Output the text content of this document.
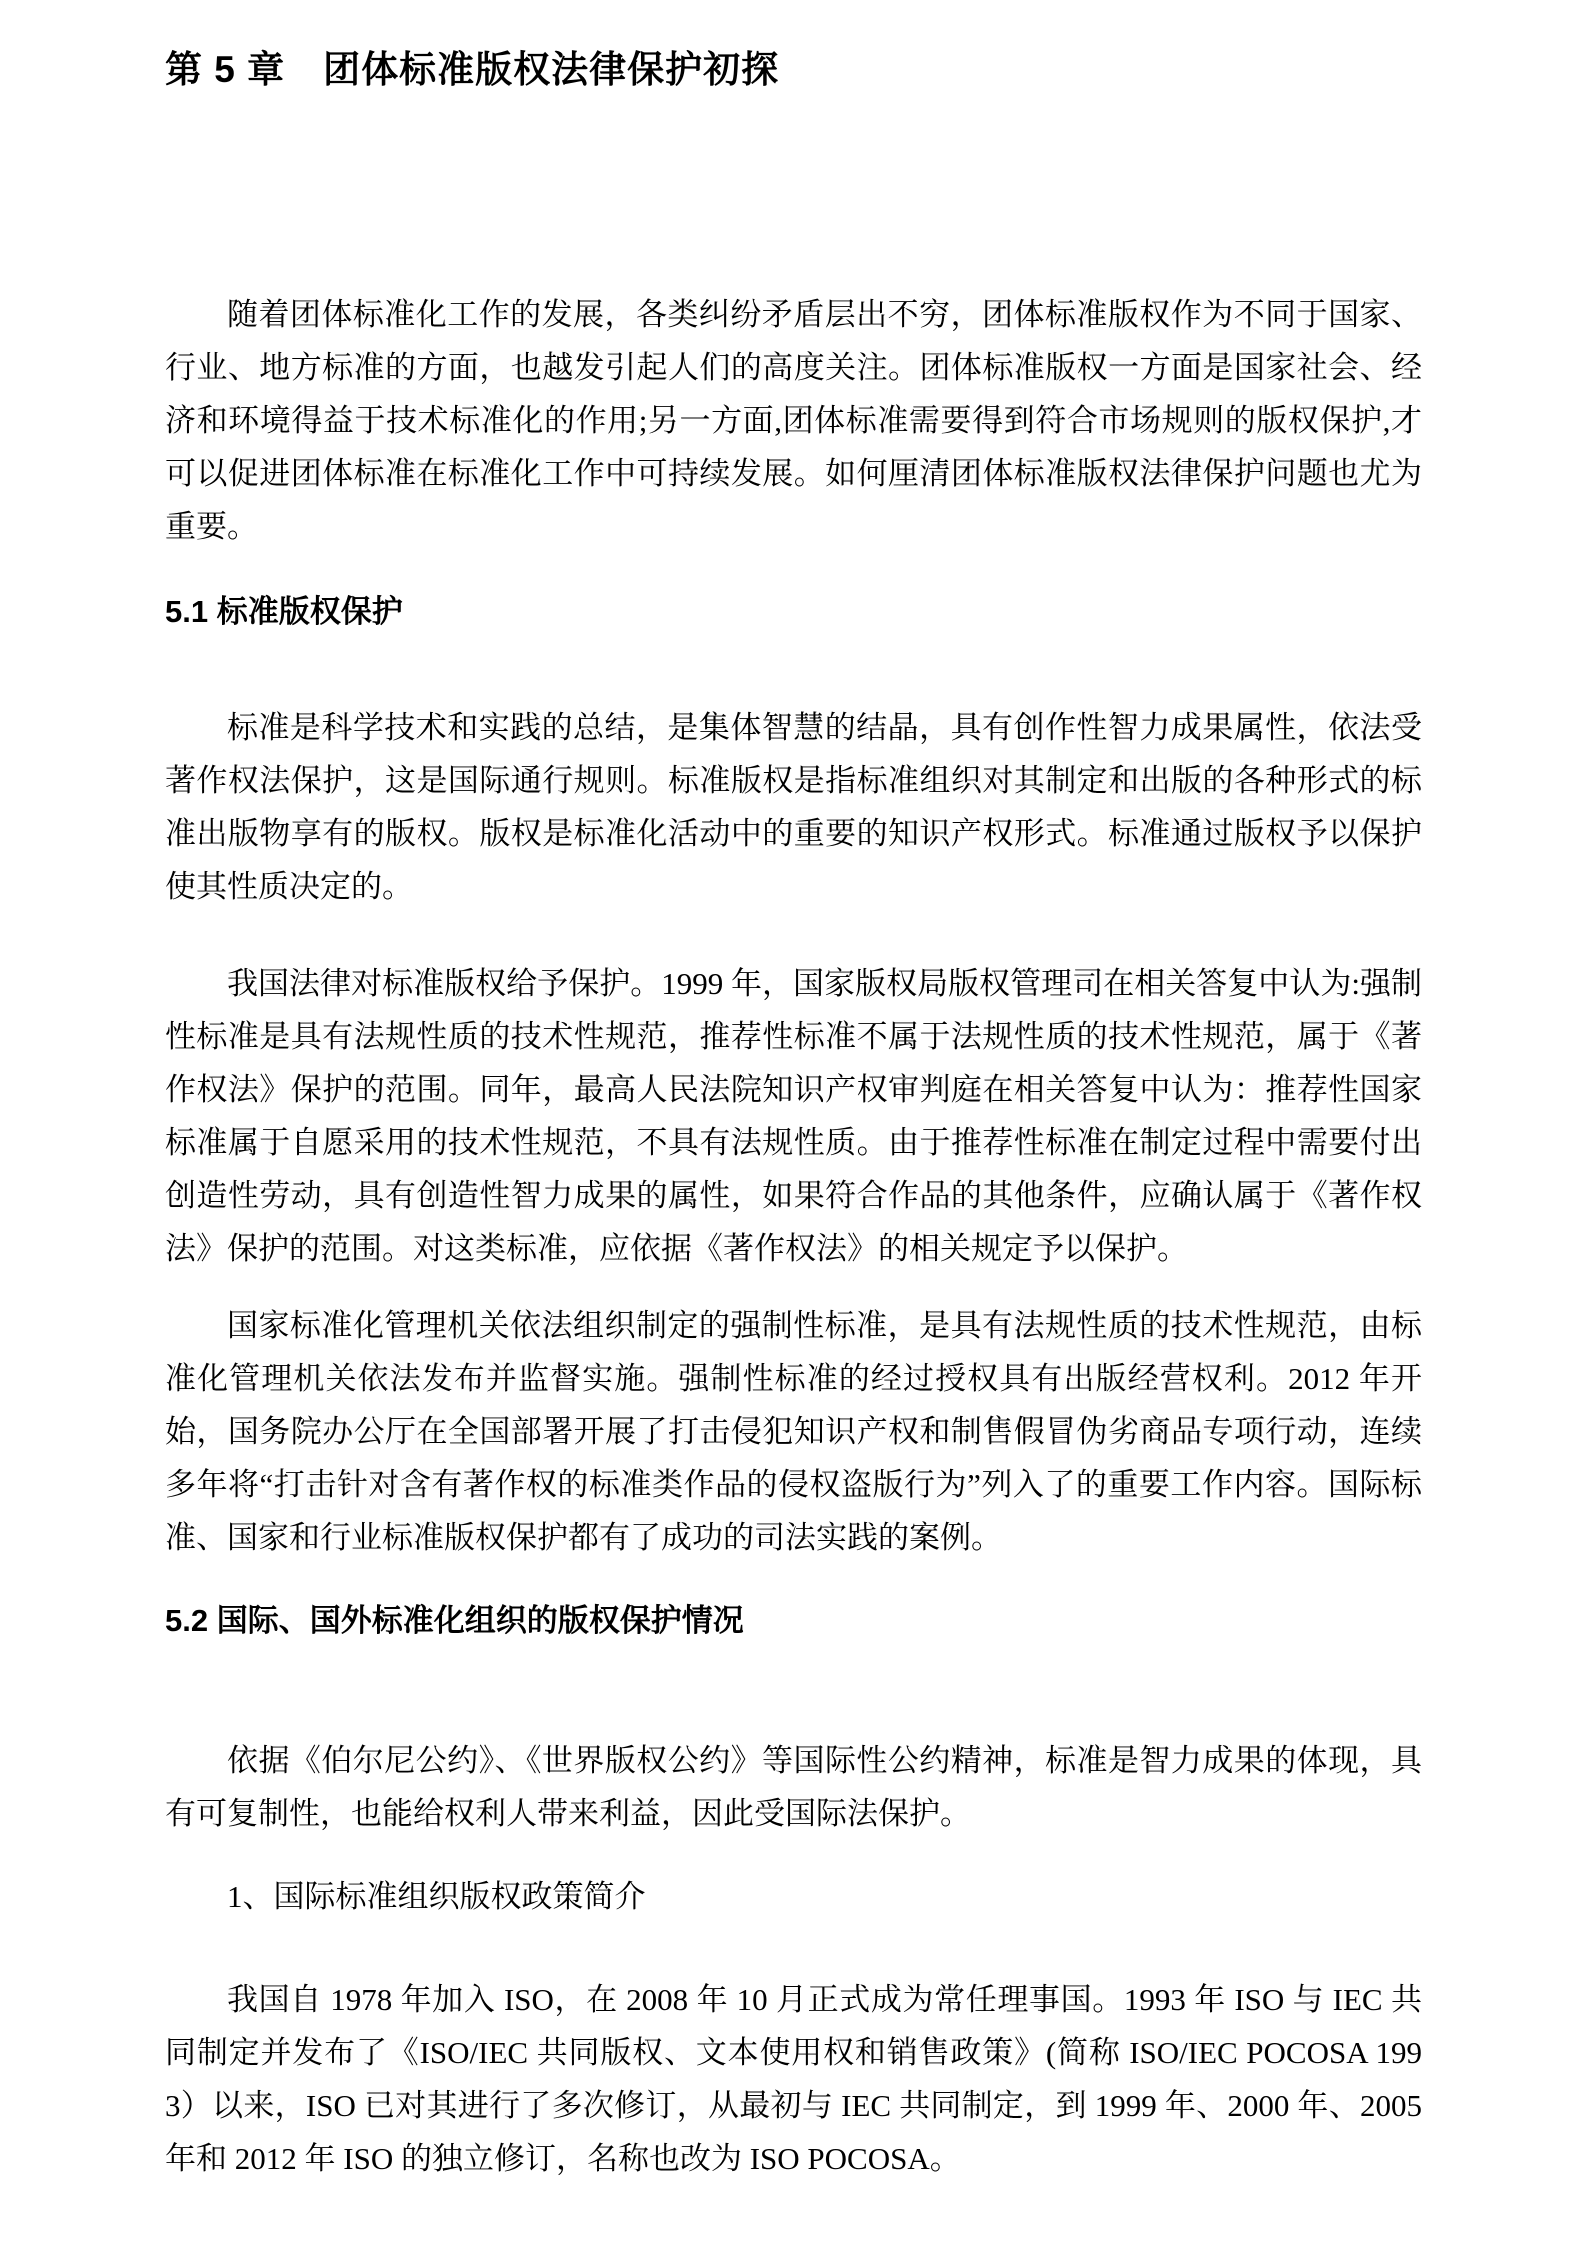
第 5 章　团体标准版权法律保护初探

随着团体标准化工作的发展，各类纠纷矛盾层出不穷，团体标准版权作为不同于国家、行业、地方标准的方面，也越发引起人们的高度关注。团体标准版权一方面是国家社会、经济和环境得益于技术标准化的作用;另一方面,团体标准需要得到符合市场规则的版权保护,才可以促进团体标准在标准化工作中可持续发展。如何厘清团体标准版权法律保护问题也尤为重要。

5.1 标准版权保护

标准是科学技术和实践的总结，是集体智慧的结晶，具有创作性智力成果属性，依法受著作权法保护，这是国际通行规则。标准版权是指标准组织对其制定和出版的各种形式的标准出版物享有的版权。版权是标准化活动中的重要的知识产权形式。标准通过版权予以保护使其性质决定的。

我国法律对标准版权给予保护。1999 年，国家版权局版权管理司在相关答复中认为:强制性标准是具有法规性质的技术性规范，推荐性标准不属于法规性质的技术性规范，属于《著作权法》保护的范围。同年，最高人民法院知识产权审判庭在相关答复中认为：推荐性国家标准属于自愿采用的技术性规范，不具有法规性质。由于推荐性标准在制定过程中需要付出创造性劳动，具有创造性智力成果的属性，如果符合作品的其他条件，应确认属于《著作权法》保护的范围。对这类标准，应依据《著作权法》的相关规定予以保护。

国家标准化管理机关依法组织制定的强制性标准，是具有法规性质的技术性规范，由标准化管理机关依法发布并监督实施。强制性标准的经过授权具有出版经营权利。2012 年开始，国务院办公厅在全国部署开展了打击侵犯知识产权和制售假冒伪劣商品专项行动，连续多年将“打击针对含有著作权的标准类作品的侵权盗版行为”列入了的重要工作内容。国际标准、国家和行业标准版权保护都有了成功的司法实践的案例。

5.2 国际、国外标准化组织的版权保护情况

依据《伯尔尼公约》、《世界版权公约》等国际性公约精神，标准是智力成果的体现，具有可复制性，也能给权利人带来利益，因此受国际法保护。

1、国际标准组织版权政策简介

我国自 1978 年加入 ISO，在 2008 年 10 月正式成为常任理事国。1993 年 ISO 与 IEC 共同制定并发布了《ISO/IEC 共同版权、文本使用权和销售政策》(简称 ISO/IEC POCOSA 1993）以来，ISO 已对其进行了多次修订，从最初与 IEC 共同制定，到 1999 年、2000 年、2005 年和 2012 年 ISO 的独立修订，名称也改为 ISO POCOSA。
